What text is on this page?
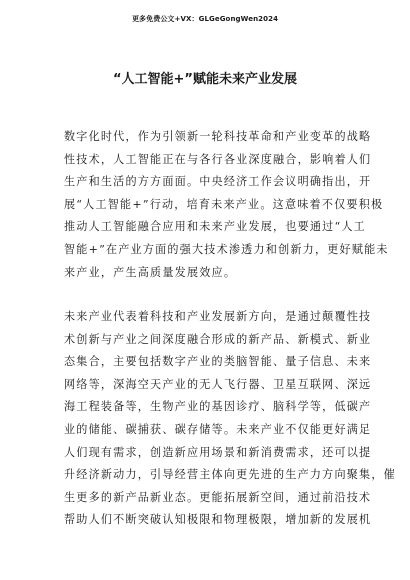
更多免费公文+VX：GLGeGongWen2024
“人工智能+”赋能未来产业发展
数字化时代，作为引领新一轮科技革命和产业变革的战略
性技术，人工智能正在与各行各业深度融合，影响着人们
生产和生活的方方面面。中央经济工作会议明确指出，开
展“人工智能+”行动，培育未来产业。这意味着不仅要积极
推动人工智能融合应用和未来产业发展，也要通过“人工
智能+”在产业方面的强大技术渗透力和创新力，更好赋能未
来产业，产生高质量发展效应。
未来产业代表着科技和产业发展新方向，是通过颠覆性技
术创新与产业之间深度融合形成的新产品、新模式、新业
态集合，主要包括数字产业的类脑智能、量子信息、未来
网络等，深海空天产业的无人飞行器、卫星互联网、深远
海工程装备等，生物产业的基因诊疗、脑科学等，低碳产
业的储能、碳捕获、碳存储等。未来产业不仅能更好满足
人们现有需求，创造新应用场景和新消费需求，还可以提
升经济新动力，引导经营主体向更先进的生产力方向聚集，催
生更多的新产品新业态。更能拓展新空间，通过前沿技术
帮助人们不断突破认知极限和物理极限，增加新的发展机
